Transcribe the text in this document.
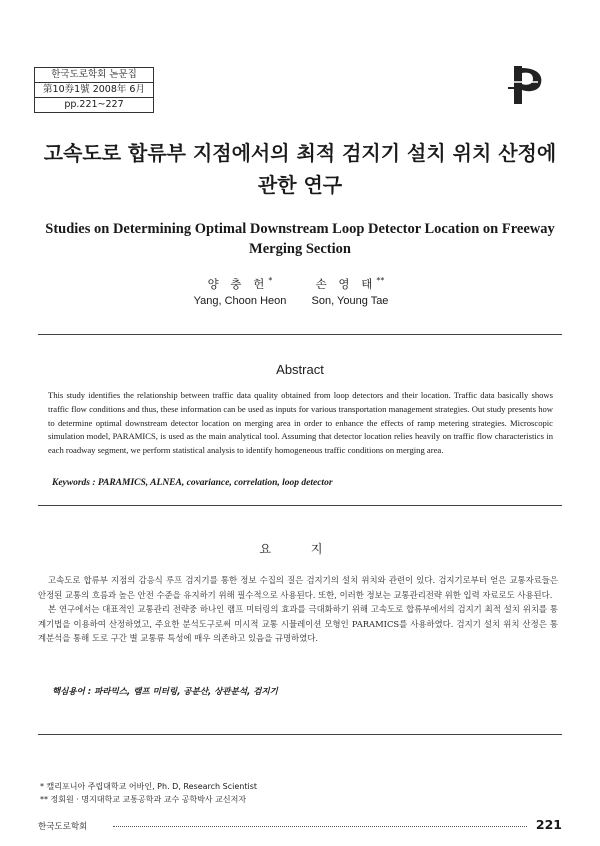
한국도로학회 논문집
第10券1號 2008年 6月
pp.221~227
고속도로 합류부 지점에서의 최적 검지기 설치 위치 산정에
관한 연구
Studies on Determining Optimal Downstream Loop Detector Location on Freeway
Merging Section
양 충 헌*
Yang, Choon Heon
손 영 태**
Son, Young Tae
Abstract
This study identifies the relationship between traffic data quality obtained from loop detectors and their location. Traffic data basically shows traffic flow conditions and thus, these information can be used as inputs for various transportation management strategies. Out study presents how to determine optimal downstream detector location on merging area in order to enhance the effects of ramp metering strategies. Microscopic simulation model, PARAMICS, is used as the main analytical tool. Assuming that detector location relies heavily on traffic flow characteristics in each roadway segment, we perform statistical analysis to identify homogeneous traffic conditions on merging area.
Keywords : PARAMICS, ALNEA, covariance, correlation, loop detector
요 지

고속도로 합류부 지점의 감응식 루프 검지기를 통한 정보 수집의 질은 검지기의 설치 위치와 관련이 있다. 검지기로부터 얻은 교통자료들은 안정된 교통의 흐름과 높은 안전 수준을 유지하기 위해 필수적으로 사용된다. 또한, 이러한 정보는 교통관리전략 위한 입력 자료로도 사용된다.

본 연구에서는 대표적인 교통관리 전략중 하나인 램프 미터링의 효과를 극대화하기 위해 고속도로 합류부에서의 검지기 최적 설치 위치를 통계기법을 이용하여 산정하였고, 주요한 분석도구로써 미시적 교통 시뮬레이션 모형인 PARAMICS를 사용하였다. 검지기 설치 위치 산정은 통계분석을 통해 도로 구간 별 교통류 특성에 매우 의존하고 있음을 규명하였다.

핵심용어 : 파라믹스, 램프 미터링, 공분산, 상관분석, 검지기
* 캘리포니아 주립대학교 어바인, Ph. D, Research Scientist
** 정회원 · 명지대학교 교통공학과 교수 공학박사 교신저자
한국도로학회	221
